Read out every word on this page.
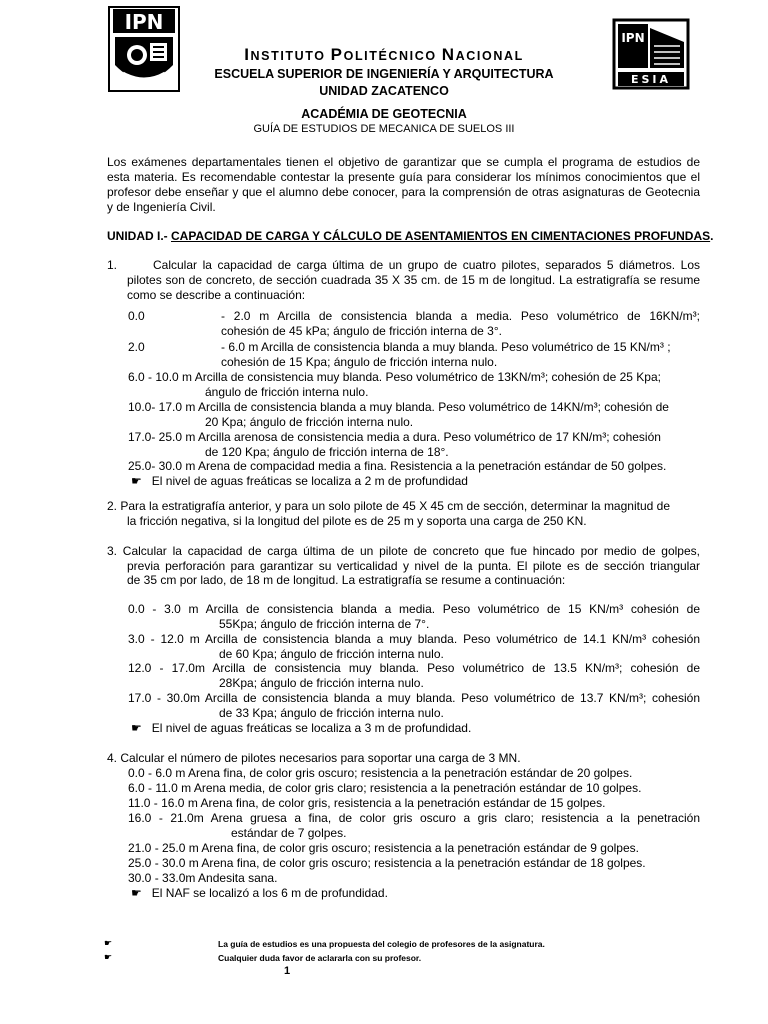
IPN
IPN
ESIA
INSTITUTO POLITÉCNICO NACIONAL
ESCUELA SUPERIOR DE INGENIERÍA Y ARQUITECTURA
UNIDAD ZACATENCO
ACADÉMIA DE GEOTECNIA
GUÍA DE ESTUDIOS DE MECANICA DE SUELOS III
Los exámenes departamentales tienen el objetivo de garantizar que se cumpla el programa de estudios de esta materia. Es recomendable contestar la presente guía para considerar los mínimos conocimientos que el profesor debe enseñar y que el alumno debe conocer, para la comprensión de otras asignaturas de Geotecnia y de Ingeniería Civil.
UNIDAD I.- CAPACIDAD DE CARGA Y CÁLCULO DE ASENTAMIENTOS EN CIMENTACIONES PROFUNDAS.
1.	Calcular la capacidad de carga última de un grupo de cuatro pilotes, separados 5 diámetros. Los pilotes son de concreto, de sección cuadrada 35 X 35 cm. de 15 m de longitud. La estratigrafía se resume como se describe a continuación:
0.0	- 2.0 m Arcilla de consistencia blanda a media. Peso volumétrico de 16KN/m³;
cohesión de 45 kPa; ángulo de fricción interna de 3°.
2.0	- 6.0 m Arcilla de consistencia blanda a muy blanda. Peso volumétrico de 15 KN/m³ ;
cohesión de 15 Kpa; ángulo de fricción interna nulo.
6.0 - 10.0 m Arcilla de consistencia muy blanda. Peso volumétrico de 13KN/m³; cohesión de 25 Kpa;
ángulo de fricción interna nulo.
10.0- 17.0 m Arcilla de consistencia blanda a muy blanda. Peso volumétrico de 14KN/m³; cohesión de
20 Kpa; ángulo de fricción interna nulo.
17.0- 25.0 m Arcilla arenosa de consistencia media a dura. Peso volumétrico de 17 KN/m³; cohesión
de 120 Kpa; ángulo de fricción interna de 18°.
25.0- 30.0 m Arena de compacidad media a fina. Resistencia a la penetración estándar de 50 golpes.
☛ El nivel de aguas freáticas se localiza a 2 m de profundidad
2. Para la estratigrafía anterior, y para un solo pilote de 45 X 45 cm de sección, determinar la magnitud de
la fricción negativa, si la longitud del pilote es de 25 m y soporta una carga de 250 KN.
3. Calcular la capacidad de carga última de un pilote de concreto que fue hincado por medio de golpes,
previa perforación para garantizar su verticalidad y nivel de la punta. El pilote es de sección triangular
de 35 cm por lado, de 18 m de longitud. La estratigrafía se resume a continuación:
0.0 - 3.0 m Arcilla de consistencia blanda a media. Peso volumétrico de 15 KN/m³ cohesión de
55Kpa; ángulo de fricción interna de 7°.
3.0 - 12.0 m Arcilla de consistencia blanda a muy blanda. Peso volumétrico de 14.1 KN/m³ cohesión
de 60 Kpa; ángulo de fricción interna nulo.
12.0 - 17.0m Arcilla de consistencia muy blanda. Peso volumétrico de 13.5 KN/m³; cohesión de
28Kpa; ángulo de fricción interna nulo.
17.0 - 30.0m Arcilla de consistencia blanda a muy blanda. Peso volumétrico de 13.7 KN/m³; cohesión
de 33 Kpa; ángulo de fricción interna nulo.
☛ El nivel de aguas freáticas se localiza a 3 m de profundidad.
4. Calcular el número de pilotes necesarios para soportar una carga de 3 MN.
0.0 - 6.0 m Arena fina, de color gris oscuro; resistencia a la penetración estándar de 20 golpes.
6.0 - 11.0 m Arena media, de color gris claro; resistencia a la penetración estándar de 10 golpes.
11.0 - 16.0 m Arena fina, de color gris, resistencia a la penetración estándar de 15 golpes.
16.0 - 21.0m Arena gruesa a fina, de color gris oscuro a gris claro; resistencia a la penetración
estándar de 7 golpes.
21.0 - 25.0 m Arena fina, de color gris oscuro; resistencia a la penetración estándar de 9 golpes.
25.0 - 30.0 m Arena fina, de color gris oscuro; resistencia a la penetración estándar de 18 golpes.
30.0 - 33.0m Andesita sana.
☛ El NAF se localizó a los 6 m de profundidad.
☛
☛
La guía de estudios es una propuesta del colegio de profesores de la asignatura.
Cualquier duda favor de aclararla con su profesor.
1
